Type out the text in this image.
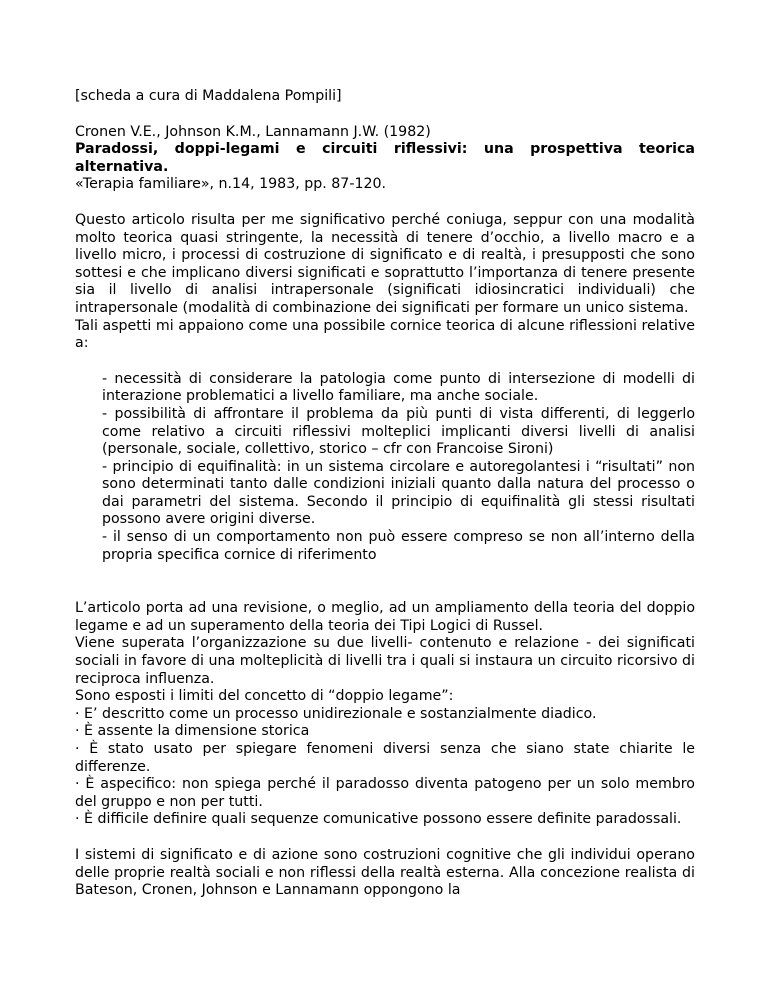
[scheda a cura di Maddalena Pompili]

Cronen V.E., Johnson K.M., Lannamann J.W. (1982)

Paradossi, doppi-legami e circuiti riflessivi: una prospettiva teorica alternativa.

«Terapia familiare», n.14, 1983, pp. 87-120.

Questo articolo risulta per me significativo perché coniuga, seppur con una modalità molto teorica quasi stringente, la necessità di tenere d’occhio, a livello macro e a livello micro, i processi di costruzione di significato e di realtà, i presupposti che sono sottesi e che implicano diversi significati e soprattutto l’importanza di tenere presente sia il livello di analisi intrapersonale (significati idiosincratici individuali) che intrapersonale (modalità di combinazione dei significati per formare un unico sistema.

Tali aspetti mi appaiono come una possibile cornice teorica di alcune riflessioni relative a:

- necessità di considerare la patologia come punto di intersezione di modelli di interazione problematici a livello familiare, ma anche sociale.

- possibilità di affrontare il problema da più punti di vista differenti, di leggerlo come relativo a circuiti riflessivi molteplici implicanti diversi livelli di analisi (personale, sociale, collettivo, storico – cfr con Francoise Sironi)

- principio di equifinalità: in un sistema circolare e autoregolantesi i “risultati” non sono determinati tanto dalle condizioni iniziali quanto dalla natura del processo o dai parametri del sistema. Secondo il principio di equifinalità gli stessi risultati possono avere origini diverse.

- il senso di un comportamento non può essere compreso se non all’interno della propria specifica cornice di riferimento

L’articolo porta ad una revisione, o meglio, ad un ampliamento della teoria del doppio legame e ad un superamento della teoria dei Tipi Logici di Russel.

Viene superata l’organizzazione su due livelli- contenuto e relazione - dei significati sociali in favore di una molteplicità di livelli tra i quali si instaura un circuito ricorsivo di reciproca influenza.

Sono esposti i limiti del concetto di “doppio legame”:

· E’ descritto come un processo unidirezionale e sostanzialmente diadico.

· È assente la dimensione storica

· È stato usato per spiegare fenomeni diversi senza che siano state chiarite le differenze.

· È aspecifico: non spiega perché il paradosso diventa patogeno per un solo membro del gruppo e non per tutti.

· È difficile definire quali sequenze comunicative possono essere definite paradossali.

I sistemi di significato e di azione sono costruzioni cognitive che gli individui operano delle proprie realtà sociali e non riflessi della realtà esterna. Alla concezione realista di Bateson, Cronen, Johnson e Lannamann oppongono la
